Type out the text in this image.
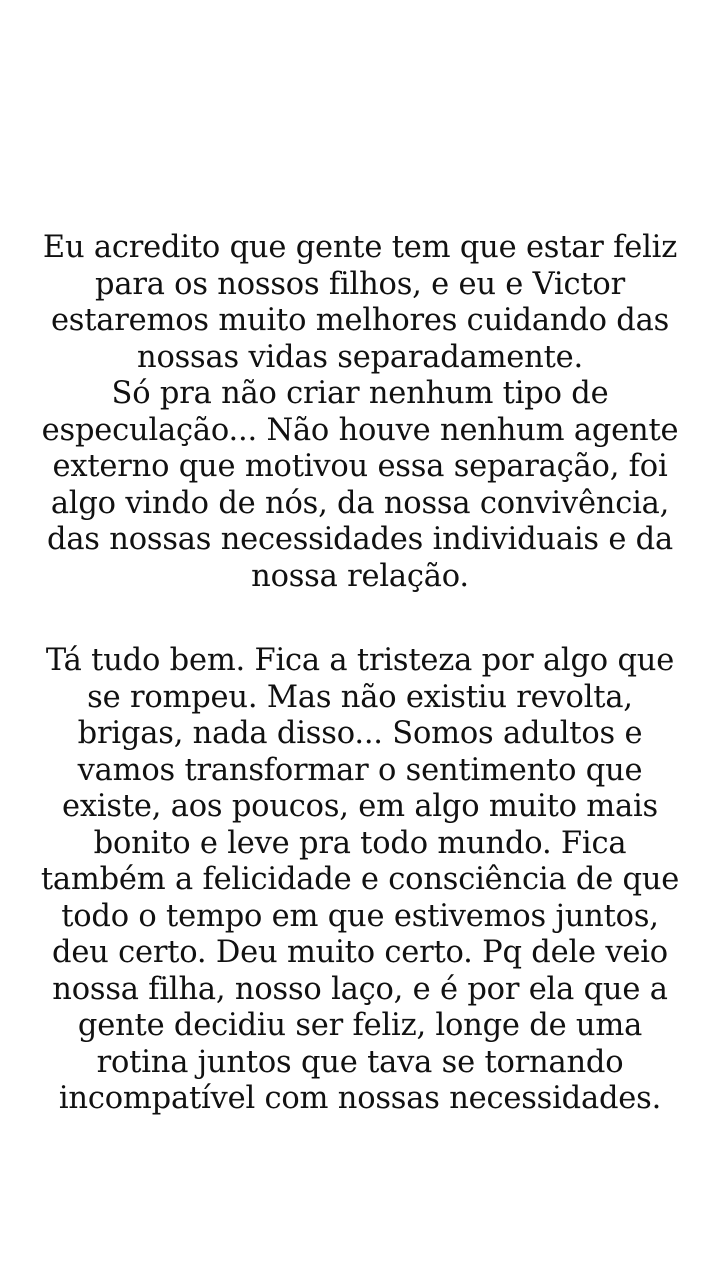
Eu acredito que gente tem que estar feliz
para os nossos filhos, e eu e Victor
estaremos muito melhores cuidando das
nossas vidas separadamente.
Só pra não criar nenhum tipo de
especulação... Não houve nenhum agente
externo que motivou essa separação, foi
algo vindo de nós, da nossa convivência,
das nossas necessidades individuais e da
nossa relação.
Tá tudo bem. Fica a tristeza por algo que
se rompeu. Mas não existiu revolta,
brigas, nada disso... Somos adultos e
vamos transformar o sentimento que
existe, aos poucos, em algo muito mais
bonito e leve pra todo mundo. Fica
também a felicidade e consciência de que
todo o tempo em que estivemos juntos,
deu certo. Deu muito certo. Pq dele veio
nossa filha, nosso laço, e é por ela que a
gente decidiu ser feliz, longe de uma
rotina juntos que tava se tornando
incompatível com nossas necessidades.
